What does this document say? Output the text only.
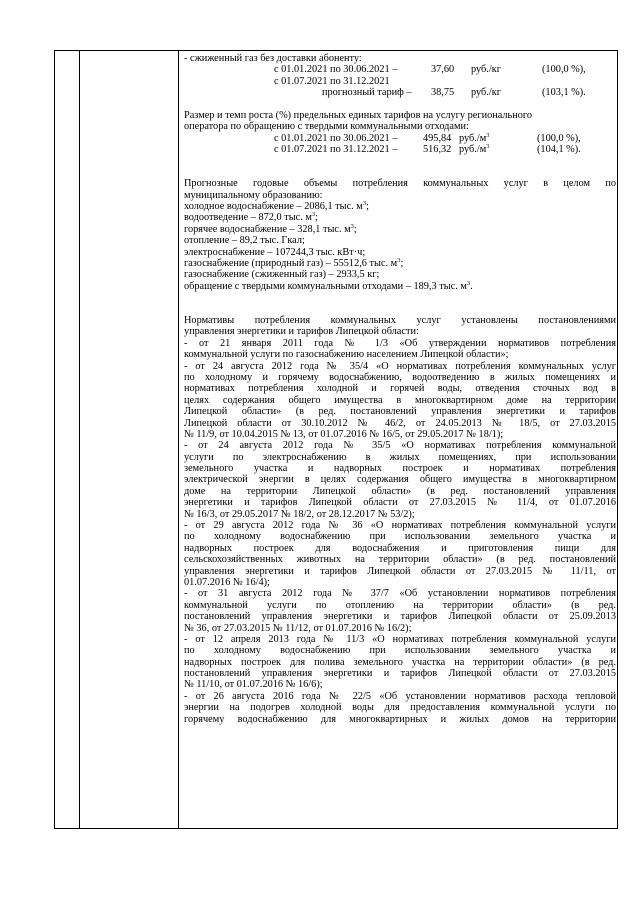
- сжиженный газ без доставки абоненту:
с 01.01.2021 по 30.06.2021 –	37,60 руб./кг	(100,0 %),
с 01.07.2021 по 31.12.2021
прогнозный тариф – 38,75 руб./кг	(103,1 %).
Размер и темп роста (%) предельных единых тарифов на услугу регионального
оператора по обращению с твердыми коммунальными отходами:
с 01.01.2021 по 30.06.2021 – 495,84 $руб./м^3$	(100,0 %),
с 01.07.2021 по 31.12.2021 – 516,32 $руб./м^3$	(104,1 %).
Прогнозные годовые объемы потребления коммунальных услуг в целом по
муниципальному образованию:
холодное водоснабжение – 2086,1 тыс. $м^3$;
водоотведение – 872,0 тыс. $м^3$;
горячее водоснабжение – 328,1 тыс. $м^3$;
отопление – 89,2 тыс. Гкал;
электроснабжение – 107244,3 тыс. кВт·ч;
газоснабжение (природный газ) – 55512,6 тыс. $м^3$;
газоснабжение (сжиженный газ) – 2933,5 кг;
обращение с твердыми коммунальными отходами – 189,3 тыс. $м^3$.
Нормативы потребления коммунальных услуг установлены постановлениями
управления энергетики и тарифов Липецкой области:
- от 21 января 2011 года № 1/3 «Об утверждении нормативов потребления
коммунальной услуги по газоснабжению населением Липецкой области»;
- от 24 августа 2012 года № 35/4 «О нормативах потребления коммунальных услуг
по холодному и горячему водоснабжению, водоотведению в жилых помещениях и
нормативах потребления холодной и горячей воды, отведения сточных вод в
целях содержания общего имущества в многоквартирном доме на территории
Липецкой области» (в ред. постановлений управления энергетики и тарифов
Липецкой области от 30.10.2012 № 46/2, от 24.05.2013 № 18/5, от 27.03.2015
№ 11/9, от 10.04.2015 № 13, от 01.07.2016 № 16/5, от 29.05.2017 № 18/1);
- от 24 августа 2012 года № 35/5 «О нормативах потребления коммунальной
услуги по электроснабжению в жилых помещениях, при использовании
земельного участка и надворных построек и нормативах потребления
электрической энергии в целях содержания общего имущества в многоквартирном
доме на территории Липецкой области» (в ред. постановлений управления
энергетики и тарифов Липецкой области от 27.03.2015 № 11/4, от 01.07.2016
№ 16/3, от 29.05.2017 № 18/2, от 28.12.2017 № 53/2);
- от 29 августа 2012 года № 36 «О нормативах потребления коммунальной услуги
по холодному водоснабжению при использовании земельного участка и
надворных построек для водоснабжения и приготовления пищи для
сельскохозяйственных животных на территории области» (в ред. постановлений
управления энергетики и тарифов Липецкой области от 27.03.2015 № 11/11, от
01.07.2016 № 16/4);
- от 31 августа 2012 года № 37/7 «Об установлении нормативов потребления
коммунальной услуги по отоплению на территории области» (в ред.
постановлений управления энергетики и тарифов Липецкой области от 25.09.2013
№ 36, от 27.03.2015 № 11/12, от 01.07.2016 № 16/2);
- от 12 апреля 2013 года № 11/3 «О нормативах потребления коммунальной услуги
по холодному водоснабжению при использовании земельного участка и
надворных построек для полива земельного участка на территории области» (в ред.
постановлений управления энергетики и тарифов Липецкой области от 27.03.2015
№ 11/10, от 01.07.2016 № 16/6);
- от 26 августа 2016 года № 22/5 «Об установлении нормативов расхода тепловой
энергии на подогрев холодной воды для предоставления коммунальной услуги по
горячему водоснабжению для многоквартирных и жилых домов на территории
